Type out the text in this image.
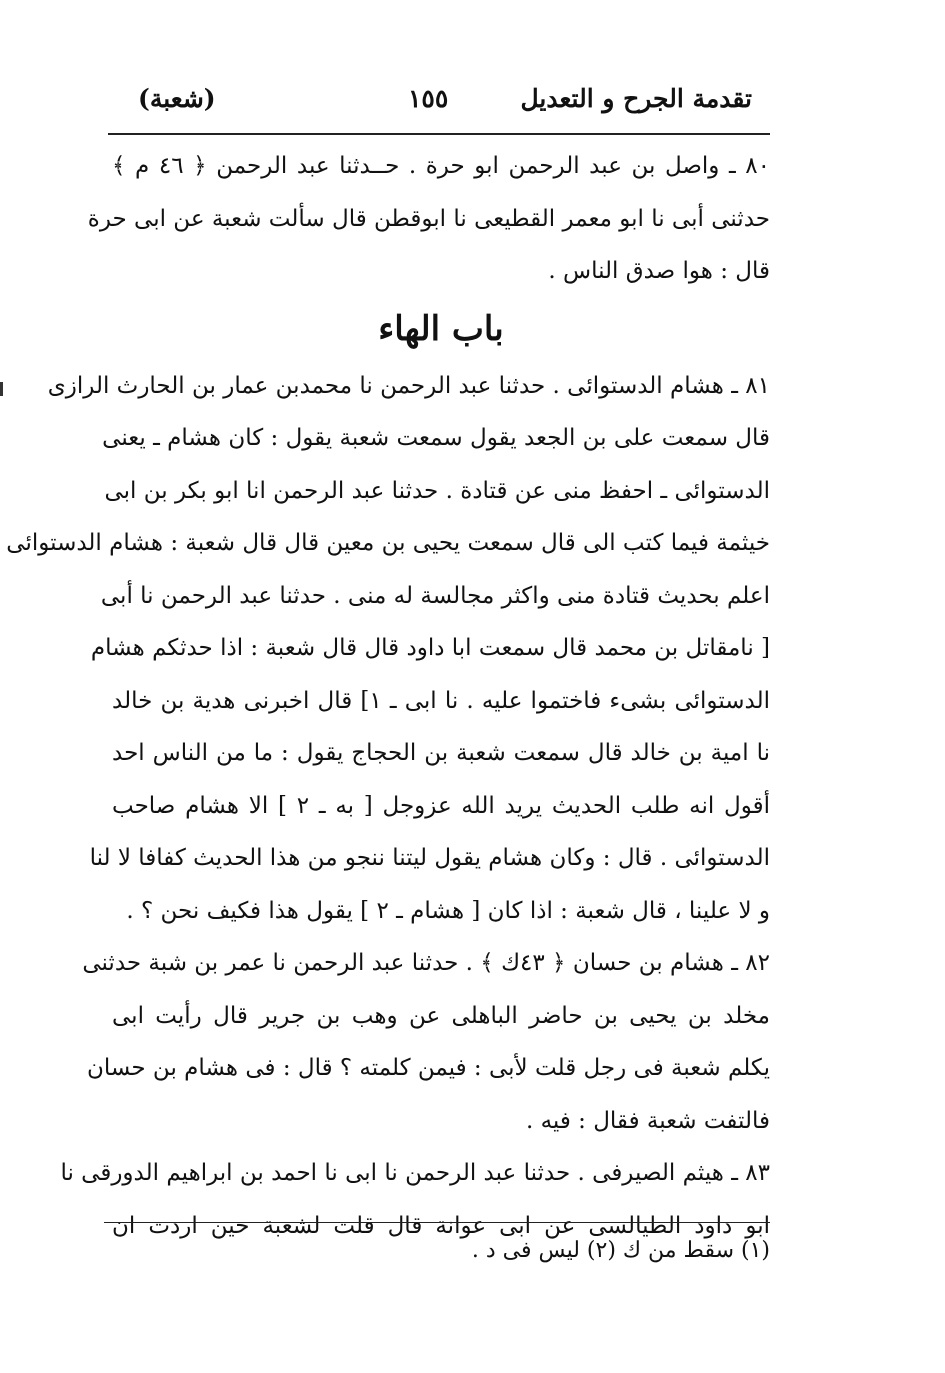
تقدمة الجرح و التعديل
١٥٥
(شعبة)
٨٠ ـ واصل بن عبد الرحمن ابو حرة . حــدثنا عبد الرحمن ﴿ ٤٦ م ﴾
حدثنى أبى نا ابو معمر القطيعى نا ابوقطن قال سألت شعبة عن ابى حرة
قال : هوا صدق الناس .
باب الهاء
٨١ ـ هشام الدستوائى . حدثنا عبد الرحمن نا محمدبن عمار بن الحارث الرازى
قال سمعت على بن الجعد يقول سمعت شعبة يقول : كان هشام ـ يعنى
الدستوائى ـ احفظ منى عن قتادة . حدثنا عبد الرحمن انا ابو بكر بن ابى
خيثمة فيما كتب الى قال سمعت يحيى بن معين قال قال شعبة : هشام الدستوائى
اعلم بحديث قتادة منى واكثر مجالسة له منى . حدثنا عبد الرحمن نا أبى
[ نامقاتل بن محمد قال سمعت ابا داود قال قال شعبة : اذا حدثكم هشام
الدستوائى بشىء فاختموا عليه . نا ابى ـ ١] قال اخبرنى هدية بن خالد
نا امية بن خالد قال سمعت شعبة بن الحجاج يقول : ما من الناس احد
أقول انه طلب الحديث يريد الله عزوجل [ به ـ ٢ ] الا هشام صاحب
الدستوائى . قال : وكان هشام يقول ليتنا ننجو من هذا الحديث كفافا لا لنا
و لا علينا ، قال شعبة : اذا كان [ هشام ـ ٢ ] يقول هذا فكيف نحن ؟ .
٨٢ ـ هشام بن حسان ﴿ ٤٣ك ﴾ . حدثنا عبد الرحمن نا عمر بن شبة حدثنى
مخلد بن يحيى بن حاضر الباهلى عن وهب بن جرير قال رأيت ابى
يكلم شعبة فى رجل قلت لأبى : فيمن كلمته ؟ قال : فى هشام بن حسان
فالتفت شعبة فقال : فيه .
٨٣ ـ هيثم الصيرفى . حدثنا عبد الرحمن نا ابى نا احمد بن ابراهيم الدورقى نا
ابو داود الطيالسى عن ابى عوانة قال قلت لشعبة حين اردت ان
(١) سقط من ك (٢) ليس فى د .
